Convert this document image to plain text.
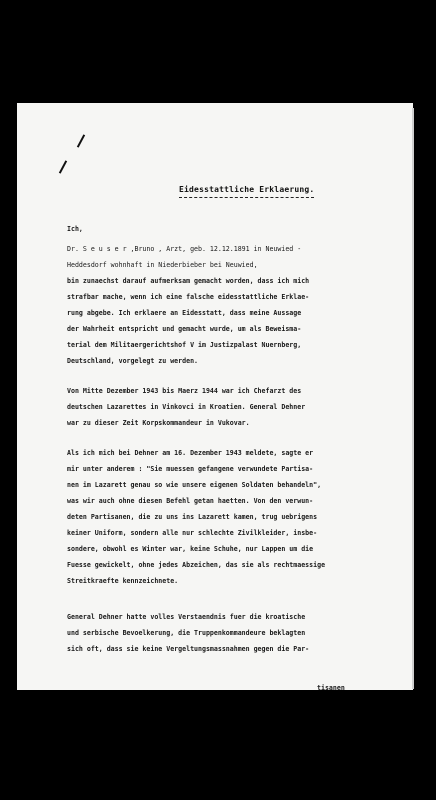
Eidesstattliche Erklaerung.
Ich,
Dr. S e u s e r ,Bruno , Arzt, geb. 12.12.1891 in Neuwied -
Heddesdorf wohnhaft in Niederbieber bei Neuwied,
bin zunaechst darauf aufmerksam gemacht worden, dass ich mich
strafbar mache, wenn ich eine falsche eidesstattliche Erklae-
rung abgebe. Ich erklaere an Eidesstatt, dass meine Aussage
der Wahrheit entspricht und gemacht wurde, um als Beweisma-
terial dem Militaergerichtshof V im Justizpalast Nuernberg,
Deutschland, vorgelegt zu werden.
Von Mitte Dezember 1943 bis Maerz 1944 war ich Chefarzt des
deutschen Lazarettes in Vinkovci in Kroatien. General Dehner
war zu dieser Zeit Korpskommandeur in Vukovar.
Als ich mich bei Dehner am 16. Dezember 1943 meldete, sagte er
mir unter anderem : "Sie muessen gefangene verwundete Partisa-
nen im Lazarett genau so wie unsere eigenen Soldaten behandeln",
was wir auch ohne diesen Befehl getan haetten. Von den verwun-
deten Partisanen, die zu uns ins Lazarett kamen, trug uebrigens
keiner Uniform, sondern alle nur schlechte Zivilkleider, insbe-
sondere, obwohl es Winter war, keine Schuhe, nur Lappen um die
Fuesse gewickelt, ohne jedes Abzeichen, das sie als rechtmaessige
Streitkraefte kennzeichnete.
General Dehner hatte volles Verstaendnis fuer die kroatische
und serbische Bevoelkerung, die Truppenkommandeure beklagten
sich oft, dass sie keine Vergeltungsmassnahmen gegen die Par-
tisanen
